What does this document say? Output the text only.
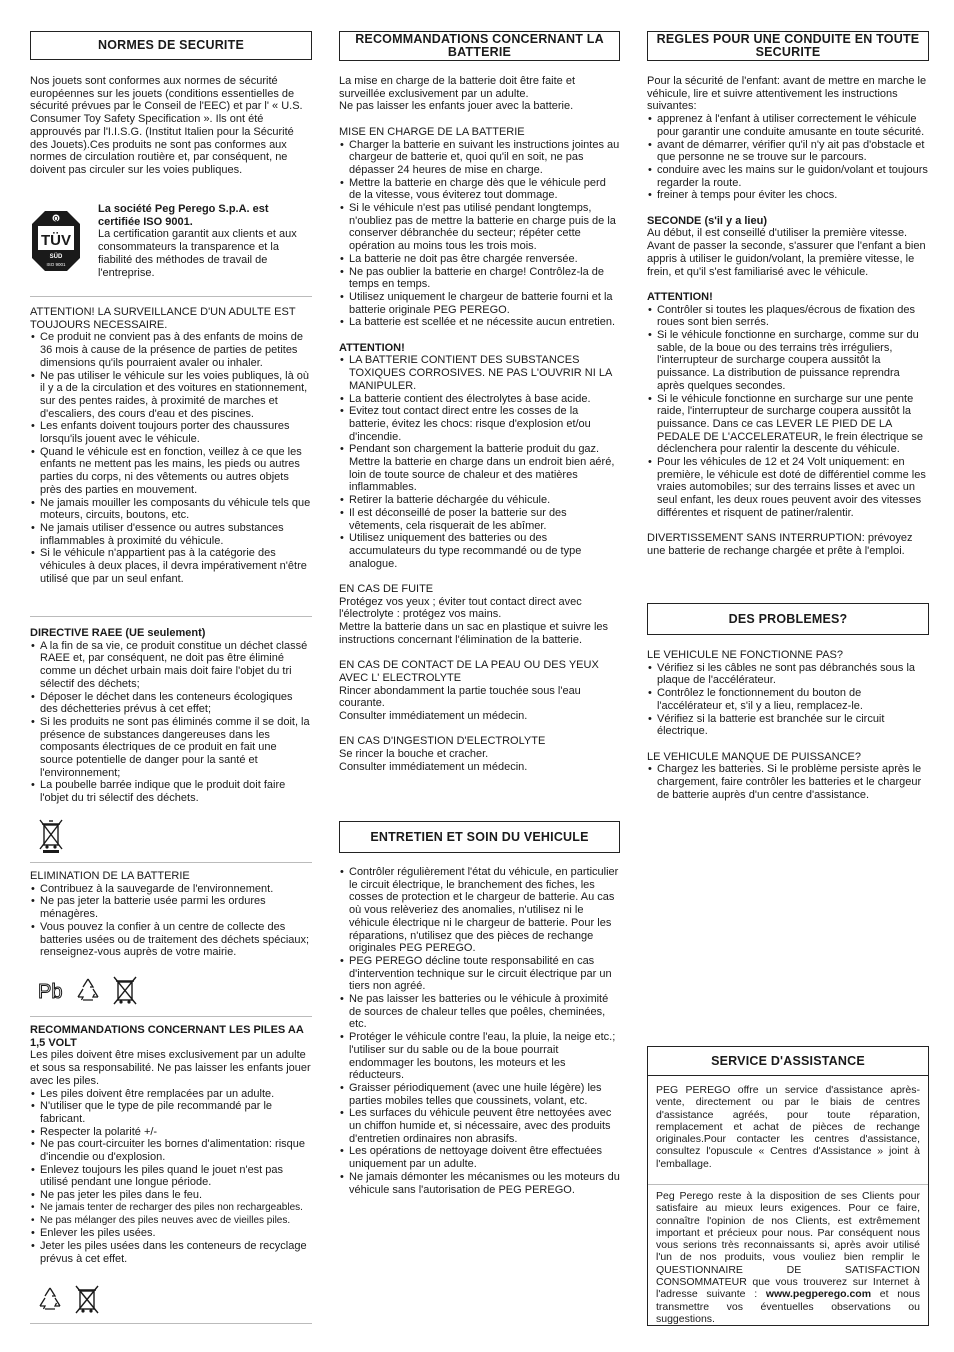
NORMES DE SECURITE

Nos jouets sont conformes aux normes de sécurité européennes sur les jouets (conditions essentielles de sécurité prévues par le Conseil de l'EEC) et par l' « U.S. Consumer Toy Safety Specification ». Ils ont été approuvés par l'I.I.S.G. (Institut Italien pour la Sécurité des Jouets).Ces produits ne sont pas conformes aux normes de circulation routière et, par conséquent, ne doivent pas circuler sur les voies publiques.

Q
TÜV
SÜD
ISO 9001

La société Peg Perego S.p.A. est certifiée ISO 9001.

La certification garantit aux clients et aux consommateurs la transparence et la fiabilité des méthodes de travail de l'entreprise.

ATTENTION! LA SURVEILLANCE D'UN ADULTE EST TOUJOURS NECESSAIRE.

• Ce produit ne convient pas à des enfants de moins de 36 mois à cause de la présence de parties de petites dimensions qu'ils pourraient avaler ou inhaler.
• Ne pas utiliser le véhicule sur les voies publiques, là où il y a de la circulation et des voitures en stationnement, sur des pentes raides, à proximité de marches et d'escaliers, des cours d'eau et des piscines.
• Les enfants doivent toujours porter des chaussures lorsqu'ils jouent avec le véhicule.
• Quand le véhicule est en fonction, veillez à ce que les enfants ne mettent pas les mains, les pieds ou autres parties du corps, ni des vêtements ou autres objets près des parties en mouvement.
• Ne jamais mouiller les composants du véhicule tels que moteurs, circuits, boutons, etc.
• Ne jamais utiliser d'essence ou autres substances inflammables à proximité du véhicule.
• Si le véhicule n'appartient pas à la catégorie des véhicules à deux places, il devra impérativement n'être utilisé que par un seul enfant.

DIRECTIVE RAEE (UE seulement)

• A la fin de sa vie, ce produit constitue un déchet classé RAEE et, par conséquent, ne doit pas être éliminé comme un déchet urbain mais doit faire l'objet du tri sélectif des déchets;
• Déposer le déchet dans les conteneurs écologiques des déchetteries prévus à cet effet;
• Si les produits ne sont pas éliminés comme il se doit, la présence de substances dangereuses dans les composants électriques de ce produit en fait une source potentielle de danger pour la santé et l'environnement;
• La poubelle barrée indique que le produit doit faire l'objet du tri sélectif des déchets.

ELIMINATION DE LA BATTERIE

• Contribuez à la sauvegarde de l'environnement.
• Ne pas jeter la batterie usée parmi les ordures ménagères.
• Vous pouvez la confier à un centre de collecte des batteries usées ou de traitement des déchets spéciaux; renseignez-vous auprès de votre mairie.
Pb

RECOMMANDATIONS CONCERNANT LES PILES AA 1,5 VOLT

Les piles doivent être mises exclusivement par un adulte et sous sa responsabilité. Ne pas laisser les enfants jouer avec les piles.

• Les piles doivent être remplacées par un adulte.
• N'utiliser que le type de pile recommandé par le fabricant.
• Respecter la polarité +/-
• Ne pas court-circuiter les bornes d'alimentation: risque d'incendie ou d'explosion.
• Enlevez toujours les piles quand le jouet n'est pas utilisé pendant une longue période.
• Ne pas jeter les piles dans le feu.
• Ne jamais tenter de recharger des piles non rechargeables.
• Ne pas mélanger des piles neuves avec de vieilles piles.
• Enlever les piles usées.
• Jeter les piles usées dans les conteneurs de recyclage prévus à cet effet.
RECOMMANDATIONS CONCERNANT LA BATTERIE

La mise en charge de la batterie doit être faite et surveillée exclusivement par un adulte.

Ne pas laisser les enfants jouer avec la batterie.

MISE EN CHARGE DE LA BATTERIE

• Charger la batterie en suivant les instructions jointes au chargeur de batterie et, quoi qu'il en soit, ne pas dépasser 24 heures de mise en charge.
• Mettre la batterie en charge dès que le véhicule perd de la vitesse, vous éviterez tout dommage.
• Si le véhicule n'est pas utilisé pendant longtemps, n'oubliez pas de mettre la batterie en charge puis de la conserver débranchée du secteur; répéter cette opération au moins tous les trois mois.
• La batterie ne doit pas être chargée renversée.
• Ne pas oublier la batterie en charge! Contrôlez-la de temps en temps.
• Utilisez uniquement le chargeur de batterie fourni et la batterie originale PEG PEREGO.
• La batterie est scellée et ne nécessite aucun entretien.

ATTENTION!

• LA BATTERIE CONTIENT DES SUBSTANCES TOXIQUES CORROSIVES. NE PAS L'OUVRIR NI LA MANIPULER.
• La batterie contient des électrolytes à base acide.
• Evitez tout contact direct entre les cosses de la batterie, évitez les chocs: risque d'explosion et/ou d'incendie.
• Pendant son chargement la batterie produit du gaz. Mettre la batterie en charge dans un endroit bien aéré, loin de toute source de chaleur et des matières inflammables.
• Retirer la batterie déchargée du véhicule.
• Il est déconseillé de poser la batterie sur des vêtements, cela risquerait de les abîmer.
• Utilisez uniquement des batteries ou des accumulateurs du type recommandé ou de type analogue.

EN CAS DE FUITE

Protégez vos yeux ; éviter tout contact direct avec l'électrolyte : protégez vos mains.

Mettre la batterie dans un sac en plastique et suivre les instructions concernant l'élimination de la batterie.

EN CAS DE CONTACT DE LA PEAU OU DES YEUX AVEC L' ELECTROLYTE

Rincer abondamment la partie touchée sous l'eau courante.

Consulter immédiatement un médecin.

EN CAS D'INGESTION D'ELECTROLYTE

Se rincer la bouche et cracher.

Consulter immédiatement un médecin.

ENTRETIEN ET SOIN DU VEHICULE
• Contrôler régulièrement l'état du véhicule, en particulier le circuit électrique, le branchement des fiches, les cosses de protection et le chargeur de batterie. Au cas où vous relèveriez des anomalies, n'utilisez ni le véhicule électrique ni le chargeur de batterie. Pour les réparations, n'utilisez que des pièces de rechange originales PEG PEREGO.
• PEG PEREGO décline toute responsabilité en cas d'intervention technique sur le circuit électrique par un tiers non agréé.
• Ne pas laisser les batteries ou le véhicule à proximité de sources de chaleur telles que poêles, cheminées, etc.
• Protéger le véhicule contre l'eau, la pluie, la neige etc.; l'utiliser sur du sable ou de la boue pourrait endommager les boutons, les moteurs et les réducteurs.
• Graisser périodiquement (avec une huile légère) les parties mobiles telles que coussinets, volant, etc.
• Les surfaces du véhicule peuvent être nettoyées avec un chiffon humide et, si nécessaire, avec des produits d'entretien ordinaires non abrasifs.
• Les opérations de nettoyage doivent être effectuées uniquement par un adulte.
• Ne jamais démonter les mécanismes ou les moteurs du véhicule sans l'autorisation de PEG PEREGO.
REGLES POUR UNE CONDUITE EN TOUTE SECURITE

Pour la sécurité de l'enfant: avant de mettre en marche le véhicule, lire et suivre attentivement les instructions suivantes:

• apprenez à l'enfant à utiliser correctement le véhicule pour garantir une conduite amusante en toute sécurité.
• avant de démarrer, vérifier qu'il n'y ait pas d'obstacle et que personne ne se trouve sur le parcours.
• conduire avec les mains sur le guidon/volant et toujours regarder la route.
• freiner à temps pour éviter les chocs.

SECONDE (s'il y a lieu)

Au début, il est conseillé d'utiliser la première vitesse. Avant de passer la seconde, s'assurer que l'enfant a bien appris à utiliser le guidon/volant, la première vitesse, le frein, et qu'il s'est familiarisé avec le véhicule.

ATTENTION!

• Contrôler si toutes les plaques/écrous de fixation des roues sont bien serrés.
• Si le véhicule fonctionne en surcharge, comme sur du sable, de la boue ou des terrains très irréguliers, l'interrupteur de surcharge coupera aussitôt la puissance. La distribution de puissance reprendra après quelques secondes.
• Si le véhicule fonctionne en surcharge sur une pente raide, l'interrupteur de surcharge coupera aussitôt la puissance. Dans ce cas LEVER LE PIED DE LA PEDALE DE L'ACCELERATEUR, le frein électrique se déclenchera pour ralentir la descente du véhicule.
• Pour les véhicules de 12 et 24 Volt uniquement: en première, le véhicule est doté de différentiel comme les vraies automobiles; sur des terrains lisses et avec un seul enfant, les deux roues peuvent avoir des vitesses différentes et risquent de patiner/ralentir.

DIVERTISSEMENT SANS INTERRUPTION: prévoyez une batterie de rechange chargée et prête à l'emploi.

DES PROBLEMES?

LE VEHICULE NE FONCTIONNE PAS?

• Vérifiez si les câbles ne sont pas débranchés sous la plaque de l'accélérateur.
• Contrôlez le fonctionnement du bouton de l'accélérateur et, s'il y a lieu, remplacez-le.
• Vérifiez si la batterie est branchée sur le circuit électrique.

LE VEHICULE MANQUE DE PUISSANCE?

• Chargez les batteries. Si le problème persiste après le chargement, faire contrôler les batteries et le chargeur de batterie auprès d'un centre d'assistance.
SERVICE D'ASSISTANCE

PEG PEREGO offre un service d'assistance après-vente, directement ou par le biais de centres d'assistance agréés, pour toute réparation, remplacement et achat de pièces de rechange originales.Pour contacter les centres d'assistance, consultez l'opuscule « Centres d'Assistance » joint à l'emballage.

Peg Perego reste à la disposition de ses Clients pour satisfaire au mieux leurs exigences. Pour ce faire, connaître l'opinion de nos Clients, est extrêmement important et précieux pour nous. Par conséquent nous vous serions très reconnaissants si, après avoir utilisé l'un de nos produits, vous vouliez bien remplir le QUESTIONNAIRE DE SATISFACTION CONSOMMATEUR que vous trouverez sur Internet à l'adresse suivante : www.pegperego.com et nous transmettre vos éventuelles observations ou suggestions.
